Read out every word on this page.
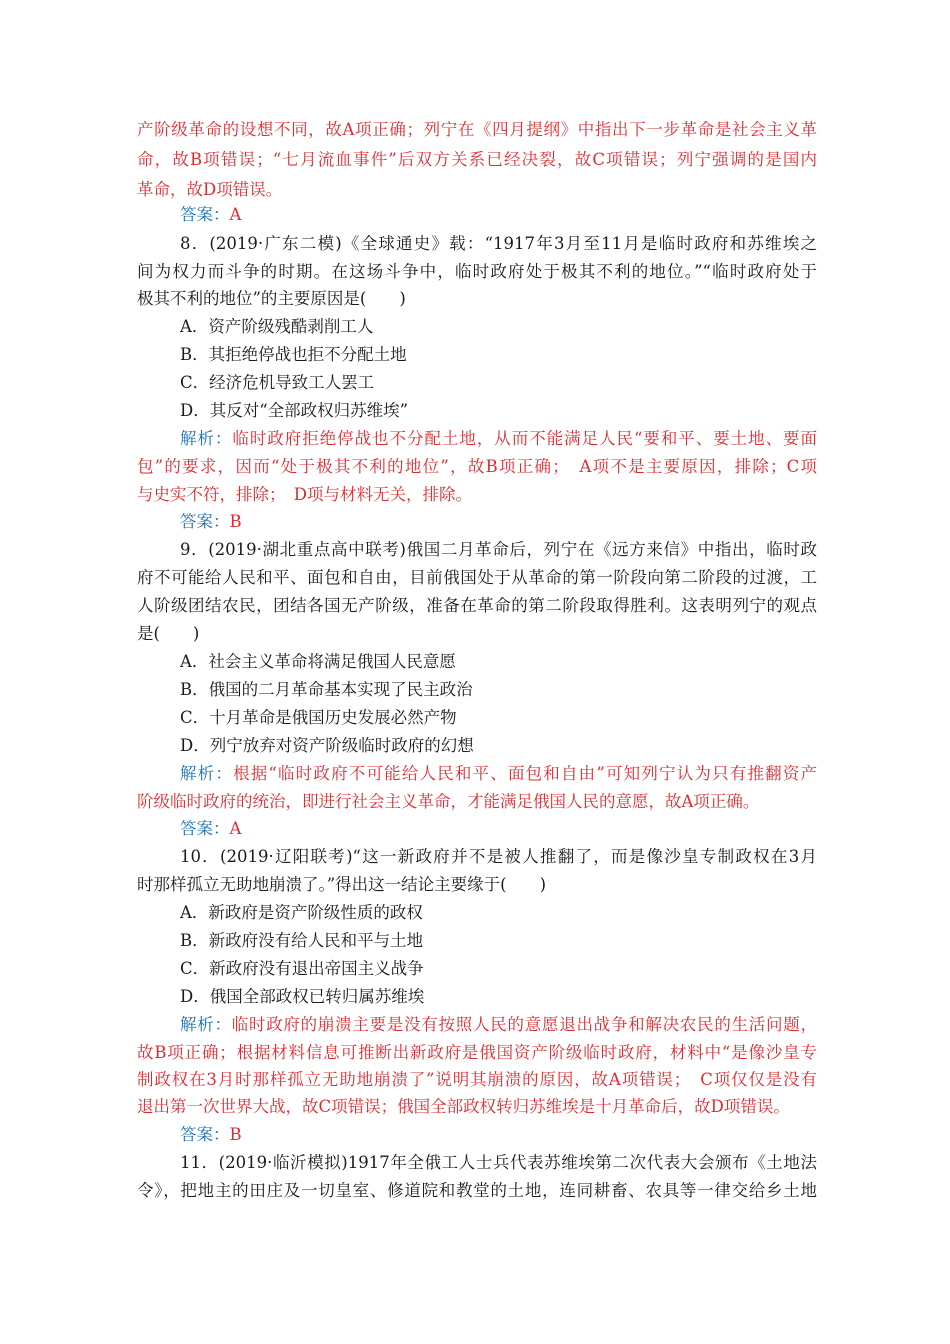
产阶级革命的设想不同，故A项正确；列宁在《四月提纲》中指出下一步革命是社会主义革
命，故B项错误；“七月流血事件”后双方关系已经决裂，故C项错误；列宁强调的是国内
革命，故D项错误。
答案：A
8．(2019·广东二模)《全球通史》载：“1917年3月至11月是临时政府和苏维埃之
间为权力而斗争的时期。在这场斗争中，临时政府处于极其不利的地位。”“临时政府处于
极其不利的地位”的主要原因是(　　)
A．资产阶级残酷剥削工人
B．其拒绝停战也拒不分配土地
C．经济危机导致工人罢工
D．其反对“全部政权归苏维埃”
解析：临时政府拒绝停战也不分配土地，从而不能满足人民“要和平、要土地、要面
包”的要求，因而“处于极其不利的地位”，故B项正确；　A项不是主要原因，排除；C项
与史实不符，排除；　D项与材料无关，排除。
答案：B
9．(2019·湖北重点高中联考)俄国二月革命后，列宁在《远方来信》中指出，临时政
府不可能给人民和平、面包和自由，目前俄国处于从革命的第一阶段向第二阶段的过渡，工
人阶级团结农民，团结各国无产阶级，准备在革命的第二阶段取得胜利。这表明列宁的观点
是(　　)
A．社会主义革命将满足俄国人民意愿
B．俄国的二月革命基本实现了民主政治
C．十月革命是俄国历史发展必然产物
D．列宁放弃对资产阶级临时政府的幻想
解析：根据“临时政府不可能给人民和平、面包和自由”可知列宁认为只有推翻资产
阶级临时政府的统治，即进行社会主义革命，才能满足俄国人民的意愿，故A项正确。
答案：A
10．(2019·辽阳联考)“这一新政府并不是被人推翻了，而是像沙皇专制政权在3月
时那样孤立无助地崩溃了。”得出这一结论主要缘于(　　)
A．新政府是资产阶级性质的政权
B．新政府没有给人民和平与土地
C．新政府没有退出帝国主义战争
D．俄国全部政权已转归属苏维埃
解析：临时政府的崩溃主要是没有按照人民的意愿退出战争和解决农民的生活问题，
故B项正确；根据材料信息可推断出新政府是俄国资产阶级临时政府，材料中“是像沙皇专
制政权在3月时那样孤立无助地崩溃了”说明其崩溃的原因，故A项错误；　C项仅仅是没有
退出第一次世界大战，故C项错误；俄国全部政权转归苏维埃是十月革命后，故D项错误。
答案：B
11．(2019·临沂模拟)1917年全俄工人士兵代表苏维埃第二次代表大会颁布《土地法
令》，把地主的田庄及一切皇室、修道院和教堂的土地，连同耕畜、农具等一律交给乡土地
